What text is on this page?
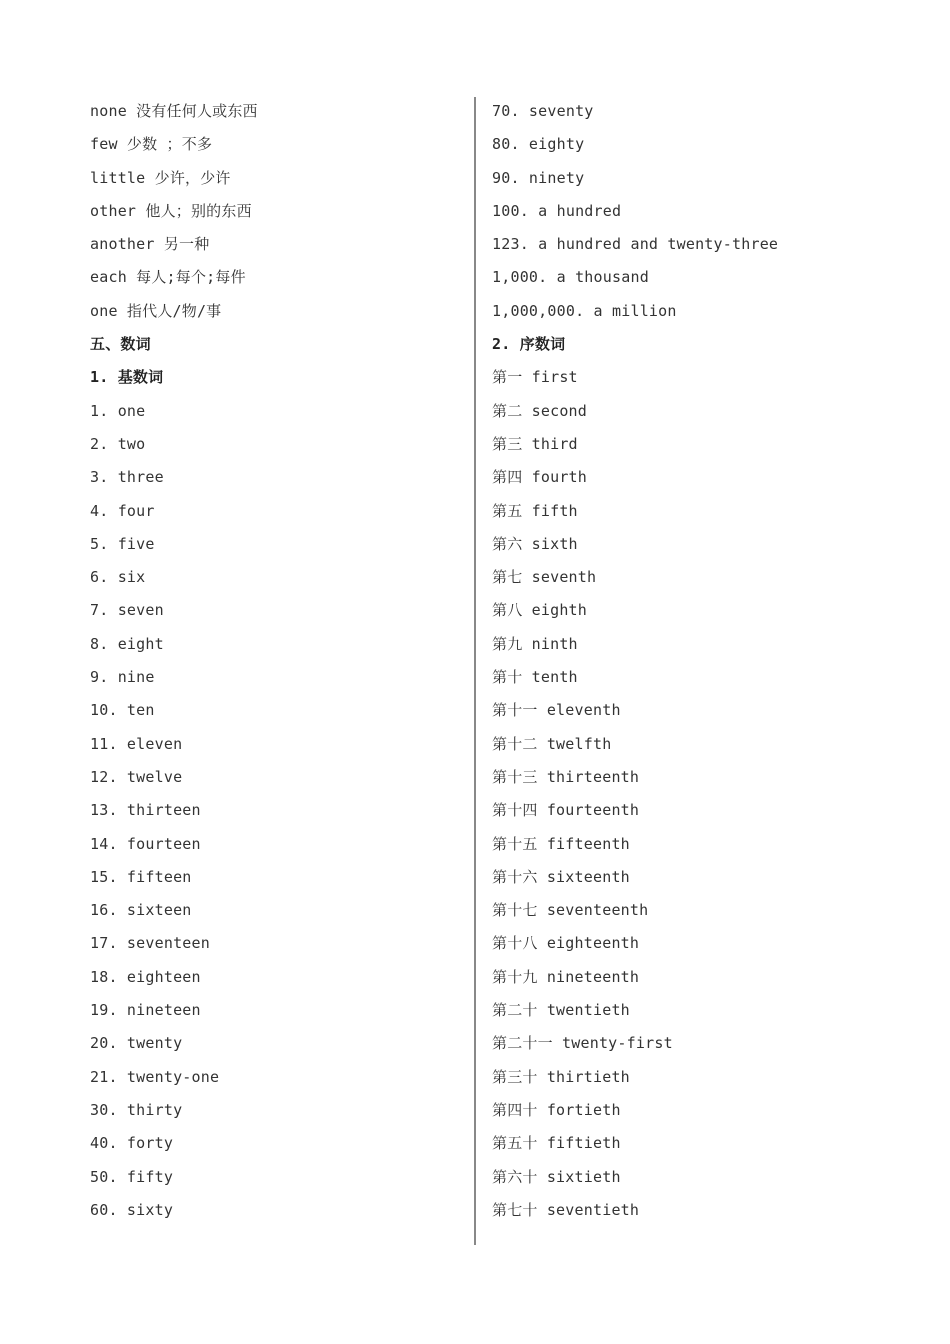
none 没有任何人或东西
few 少数 ；不多
little 少许，少许
other 他人；别的东西
another 另一种
each 每人;每个;每件
one 指代人/物/事
五、数词
1. 基数词
1. one
2. two
3. three
4. four
5. five
6. six
7. seven
8. eight
9. nine
10. ten
11. eleven
12. twelve
13. thirteen
14. fourteen
15. fifteen
16. sixteen
17. seventeen
18. eighteen
19. nineteen
20. twenty
21. twenty-one
30. thirty
40. forty
50. fifty
60. sixty
70. seventy
80. eighty
90. ninety
100. a hundred
123. a hundred and twenty-three
1,000. a thousand
1,000,000. a million
2. 序数词
第一 first
第二 second
第三 third
第四 fourth
第五 fifth
第六 sixth
第七 seventh
第八 eighth
第九 ninth
第十 tenth
第十一 eleventh
第十二 twelfth
第十三 thirteenth
第十四 fourteenth
第十五 fifteenth
第十六 sixteenth
第十七 seventeenth
第十八 eighteenth
第十九 nineteenth
第二十 twentieth
第二十一 twenty-first
第三十 thirtieth
第四十 fortieth
第五十 fiftieth
第六十 sixtieth
第七十 seventieth
